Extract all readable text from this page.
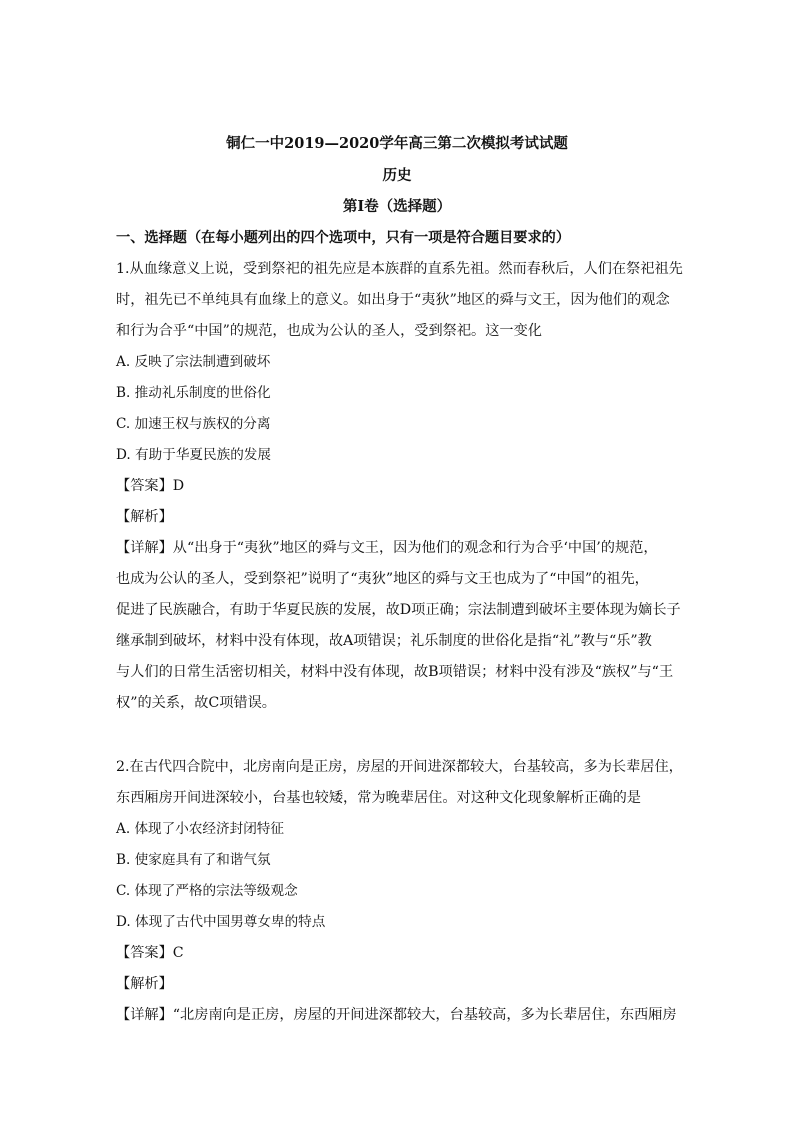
铜仁一中2019—2020学年高三第二次模拟考试试题
历史
第Ⅰ卷（选择题）
一、选择题（在每小题列出的四个选项中，只有一项是符合题目要求的）
1.从血缘意义上说，受到祭祀的祖先应是本族群的直系先祖。然而春秋后，人们在祭祀祖先
时，祖先已不单纯具有血缘上的意义。如出身于“夷狄”地区的舜与文王，因为他们的观念
和行为合乎“中国”的规范，也成为公认的圣人，受到祭祀。这一变化
A. 反映了宗法制遭到破坏
B. 推动礼乐制度的世俗化
C. 加速王权与族权的分离
D. 有助于华夏民族的发展
【答案】D
【解析】
【详解】从“出身于“夷狄”地区的舜与文王，因为他们的观念和行为合乎‘中国’的规范，
也成为公认的圣人，受到祭祀”说明了“夷狄”地区的舜与文王也成为了“中国”的祖先，
促进了民族融合，有助于华夏民族的发展，故D项正确；宗法制遭到破坏主要体现为嫡长子
继承制到破坏，材料中没有体现，故A项错误；礼乐制度的世俗化是指“礼”教与“乐”教
与人们的日常生活密切相关，材料中没有体现，故B项错误；材料中没有涉及“族权”与“王
权”的关系，故C项错误。
2.在古代四合院中，北房南向是正房，房屋的开间进深都较大，台基较高，多为长辈居住，
东西厢房开间进深较小，台基也较矮，常为晚辈居住。对这种文化现象解析正确的是
A. 体现了小农经济封闭特征
B. 使家庭具有了和谐气氛
C. 体现了严格的宗法等级观念
D. 体现了古代中国男尊女卑的特点
【答案】C
【解析】
【详解】“北房南向是正房，房屋的开间进深都较大，台基较高，多为长辈居住，东西厢房
